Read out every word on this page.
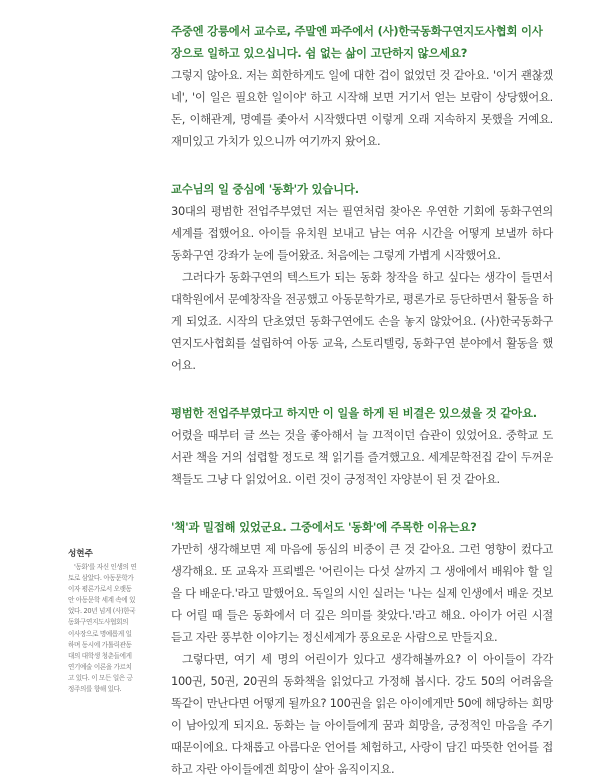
주중엔 강릉에서 교수로, 주말엔 파주에서 (사)한국동화구연지도사협회 이사장으로 일하고 있으십니다. 쉼 없는 삶이 고단하지 않으세요?

그렇지 않아요. 저는 희한하게도 일에 대한 겁이 없었던 것 같아요. '이거 괜찮겠네', '이 일은 필요한 일이야' 하고 시작해 보면 거기서 얻는 보람이 상당했어요. 돈, 이해관계, 명예를 좇아서 시작했다면 이렇게 오래 지속하지 못했을 거예요. 재미있고 가치가 있으니까 여기까지 왔어요.

교수님의 일 중심에 '동화'가 있습니다.

30대의 평범한 전업주부였던 저는 필연처럼 찾아온 우연한 기회에 동화구연의 세계를 접했어요. 아이들 유치원 보내고 남는 여유 시간을 어떻게 보낼까 하다 동화구연 강좌가 눈에 들어왔죠. 처음에는 그렇게 가볍게 시작했어요.

그러다가 동화구연의 텍스트가 되는 동화 창작을 하고 싶다는 생각이 들면서 대학원에서 문예창작을 전공했고 아동문학가로, 평론가로 등단하면서 활동을 하게 되었죠. 시작의 단초였던 동화구연에도 손을 놓지 않았어요. (사)한국동화구연지도사협회를 설립하여 아동 교육, 스토리텔링, 동화구연 분야에서 활동을 했어요.

평범한 전업주부였다고 하지만 이 일을 하게 된 비결은 있으셨을 것 같아요.

어렸을 때부터 글 쓰는 것을 좋아해서 늘 끄적이던 습관이 있었어요. 중학교 도서관 책을 거의 섭렵할 정도로 책 읽기를 즐겨했고요. 세계문학전집 같이 두꺼운 책들도 그냥 다 읽었어요. 이런 것이 긍정적인 자양분이 된 것 같아요.

'책'과 밀접해 있었군요. 그중에서도 '동화'에 주목한 이유는요?

가만히 생각해보면 제 마음에 동심의 비중이 큰 것 같아요. 그런 영향이 컸다고 생각해요. 또 교육자 프뢰벨은 '어린이는 다섯 살까지 그 생애에서 배워야 할 일을 다 배운다.'라고 말했어요. 독일의 시인 실러는 '나는 실제 인생에서 배운 것보다 어릴 때 들은 동화에서 더 깊은 의미를 찾았다.'라고 해요. 아이가 어린 시절 듣고 자란 풍부한 이야기는 정신세계가 풍요로운 사람으로 만들지요.

그렇다면, 여기 세 명의 어린이가 있다고 생각해볼까요? 이 아이들이 각각 100권, 50권, 20권의 동화책을 읽었다고 가정해 봅시다. 강도 50의 어려움을 똑같이 만난다면 어떻게 될까요? 100권을 읽은 아이에게만 50에 해당하는 희망이 남아있게 되지요. 동화는 늘 아이들에게 꿈과 희망을, 긍정적인 마음을 주기 때문이에요. 다채롭고 아름다운 언어를 체험하고, 사랑이 담긴 따뜻한 언어를 접하고 자란 아이들에겐 희망이 살아 움직이지요.

성현주

'동화'를 자신 인생의 연
토로 삼았다. 아동문학가
이자 평론가로서 오랫동
안 아동문학 세계 속에 있
었다. 20년 넘게 (사)한국
동화구연지도사협회의
이사장으로 명예롭게 일
하며 동시에 가톨릭관동
대의 대학생 청춘들에게
연기예술 이론을 가르치
고 있다. 이 모든 일은 긍
정주의를 향해 있다.
